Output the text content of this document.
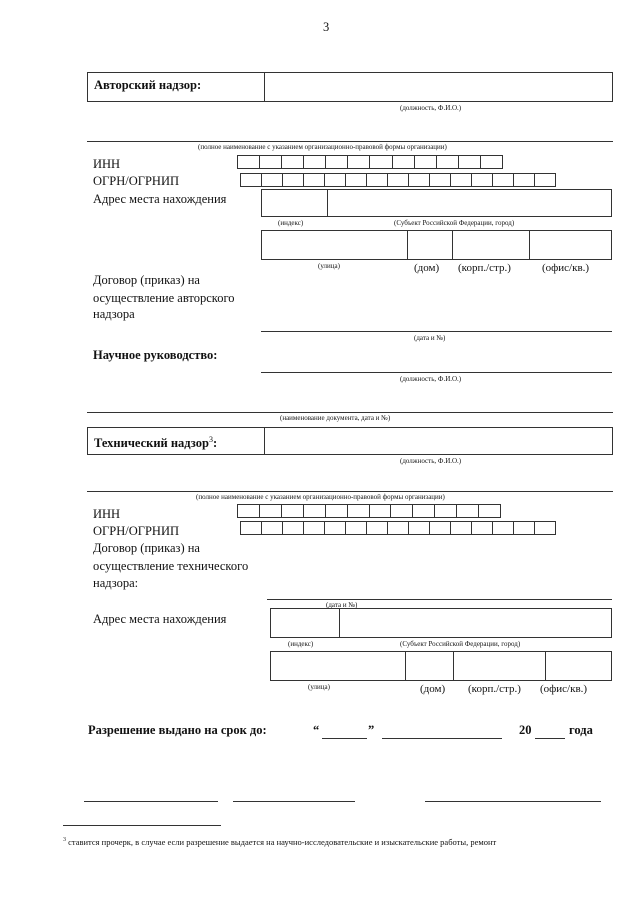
3
Авторский надзор:
(должность, Ф.И.О.)
(полное наименование с указанием организационно-правовой формы организации)
ИНН
ОГРН/ОГРНИП
Адрес места нахождения
(индекс)	(Субъект Российской Федерации, город)
(улица)	(дом) (корп./стр.)	(офис/кв.)
Договор (приказ) на
осуществление авторского
надзора
(дата и №)
Научное руководство:
(должность, Ф.И.О.)
(наименование документа, дата и №)
Технический надзор$^3$:
(должность, Ф.И.О.)
(полное наименование с указанием организационно-правовой формы организации)
ИНН
ОГРН/ОГРНИП
Договор (приказ) на
осуществление технического
надзора:
(дата и №)
Адрес места нахождения
(индекс)	(Субъект Российской Федерации, город)
(улица)	(дом) (корп./стр.) (офис/кв.)
Разрешение выдано на срок до:	“	”	20	года
$^3$ ставится прочерк, в случае если разрешение выдается на научно-исследовательские и изыскательские работы, ремонт
